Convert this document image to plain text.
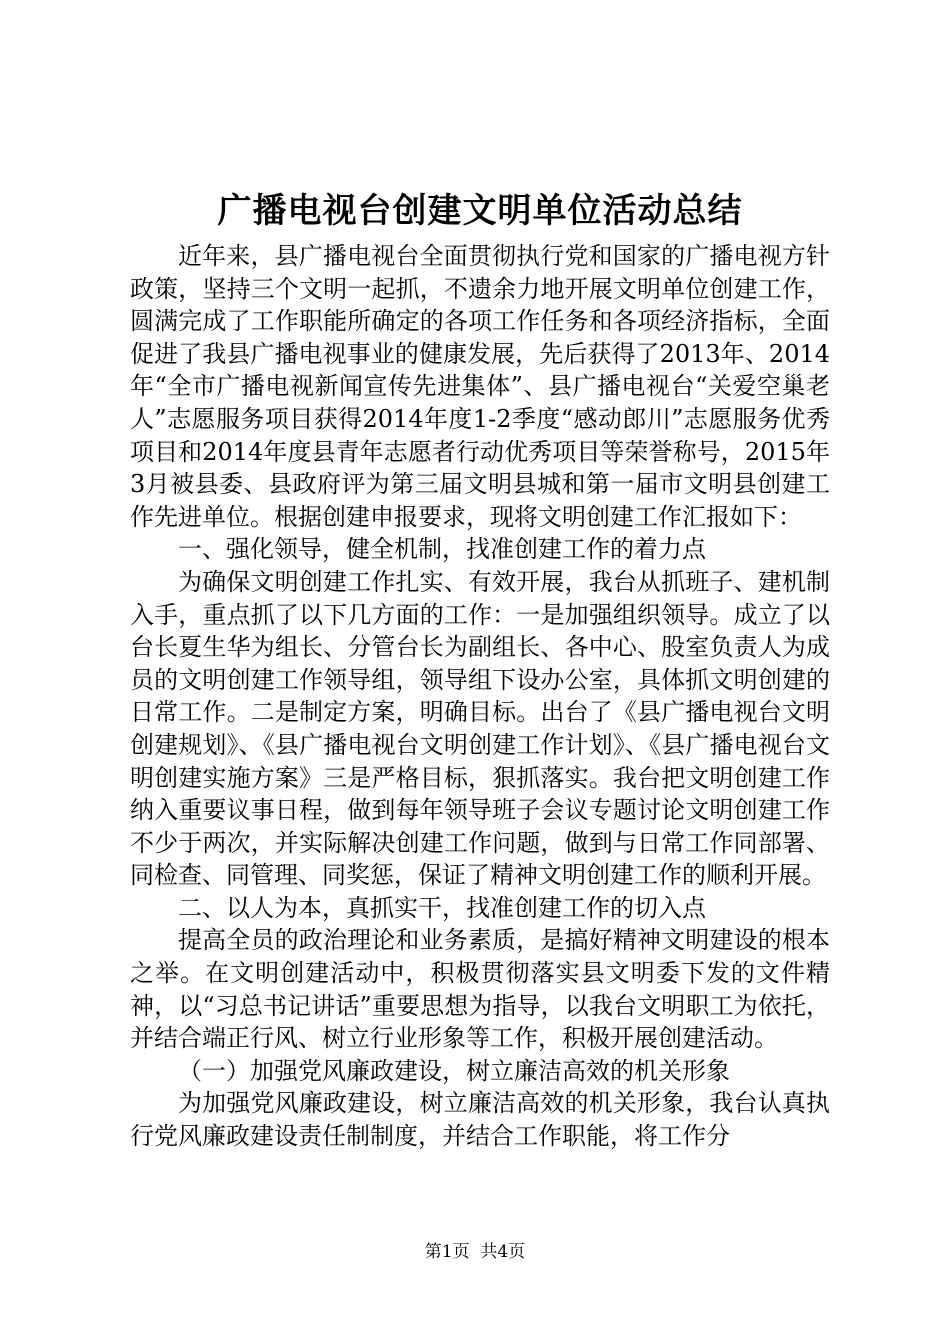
广播电视台创建文明单位活动总结

近年来，县广播电视台全面贯彻执行党和国家的广播电视方针政策，坚持三个文明一起抓，不遗余力地开展文明单位创建工作，圆满完成了工作职能所确定的各项工作任务和各项经济指标，全面促进了我县广播电视事业的健康发展，先后获得了2013年、2014年“全市广播电视新闻宣传先进集体”、县广播电视台“关爱空巢老人”志愿服务项目获得2014年度1-2季度“感动郎川”志愿服务优秀项目和2014年度县青年志愿者行动优秀项目等荣誉称号，2015年3月被县委、县政府评为第三届文明县城和第一届市文明县创建工作先进单位。根据创建申报要求，现将文明创建工作汇报如下：

一、强化领导，健全机制，找准创建工作的着力点

为确保文明创建工作扎实、有效开展，我台从抓班子、建机制入手，重点抓了以下几方面的工作：一是加强组织领导。成立了以台长夏生华为组长、分管台长为副组长、各中心、股室负责人为成员的文明创建工作领导组，领导组下设办公室，具体抓文明创建的日常工作。二是制定方案，明确目标。出台了《县广播电视台文明创建规划》、《县广播电视台文明创建工作计划》、《县广播电视台文明创建实施方案》三是严格目标，狠抓落实。我台把文明创建工作纳入重要议事日程，做到每年领导班子会议专题讨论文明创建工作不少于两次，并实际解决创建工作问题，做到与日常工作同部署、同检查、同管理、同奖惩，保证了精神文明创建工作的顺利开展。

二、以人为本，真抓实干，找准创建工作的切入点

提高全员的政治理论和业务素质，是搞好精神文明建设的根本之举。在文明创建活动中，积极贯彻落实县文明委下发的文件精神，以“习总书记讲话”重要思想为指导，以我台文明职工为依托，并结合端正行风、树立行业形象等工作，积极开展创建活动。

（一）加强党风廉政建设，树立廉洁高效的机关形象

为加强党风廉政建设，树立廉洁高效的机关形象，我台认真执行党风廉政建设责任制制度，并结合工作职能，将工作分

第1页 共4页
